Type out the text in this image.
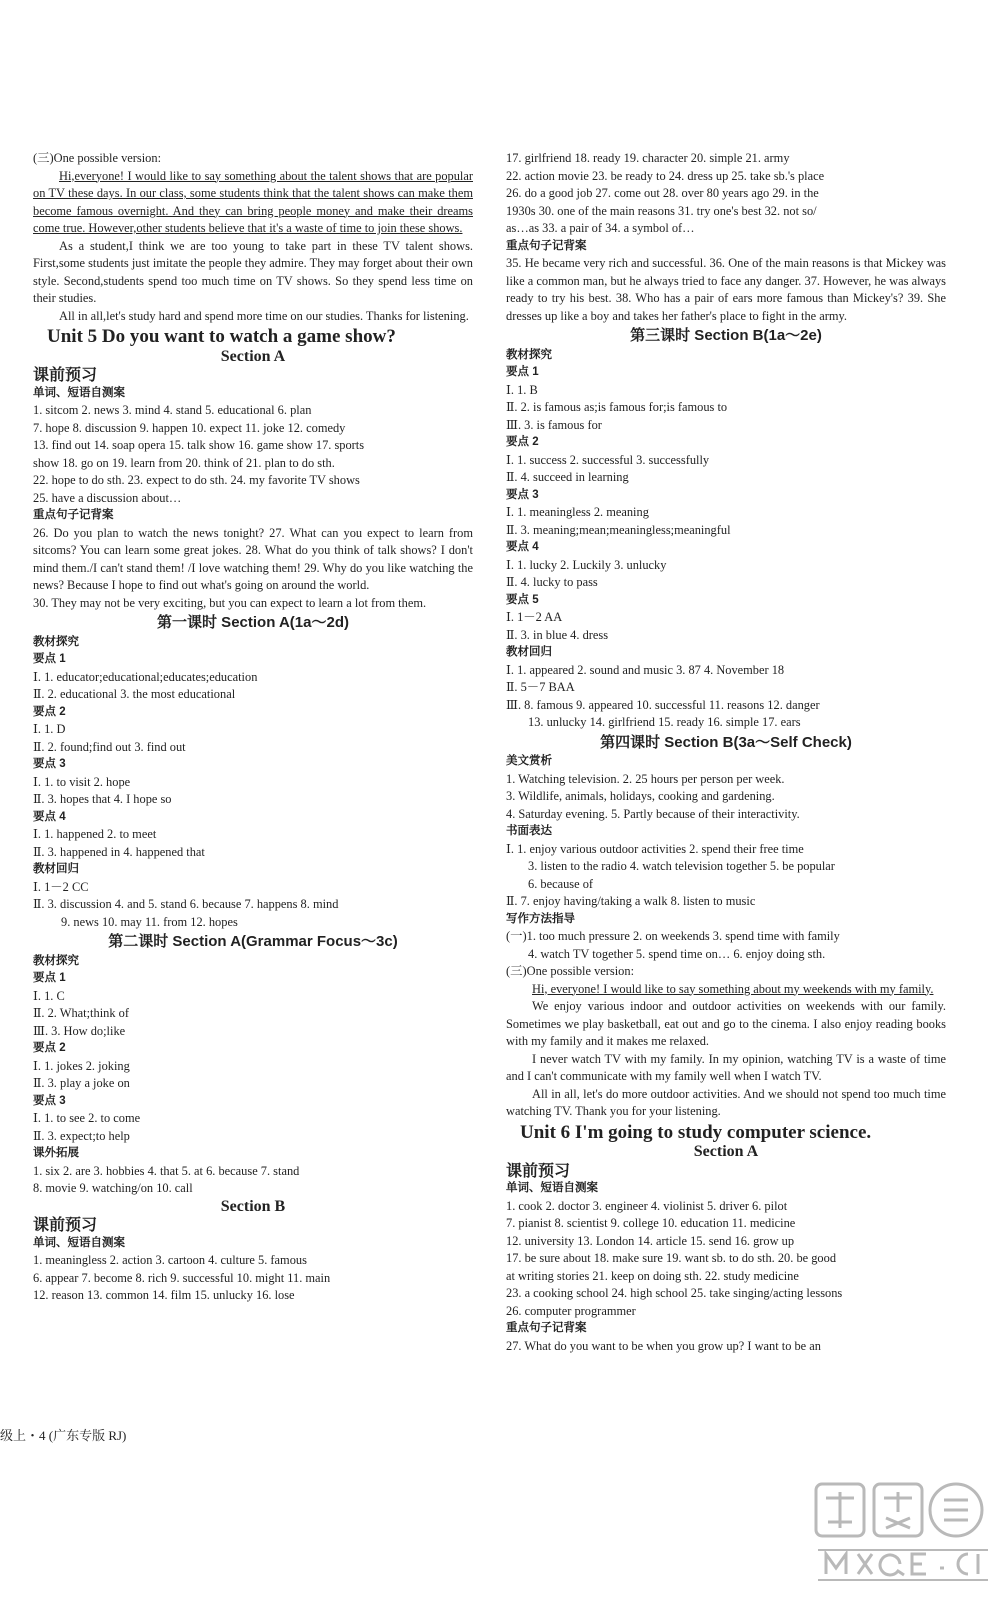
(三)One possible version:
Hi,everyone! I would like to say something about the talent shows that are popular on TV these days. In our class, some students think that the talent shows can make them become famous overnight. And they can bring people money and make their dreams come true. However,other students believe that it's a waste of time to join these shows.
As a student,I think we are too young to take part in these TV talent shows. First,some students just imitate the people they admire. They may forget about their own style. Second,students spend too much time on TV shows. So they spend less time on their studies.
All in all,let's study hard and spend more time on our studies. Thanks for listening.
Unit 5 Do you want to watch a game show?
Section A
课前预习
单词、短语自测案
1. sitcom 2. news 3. mind 4. stand 5. educational 6. plan
7. hope 8. discussion 9. happen 10. expect 11. joke 12. comedy
13. find out 14. soap opera 15. talk show 16. game show 17. sports
show 18. go on 19. learn from 20. think of 21. plan to do sth.
22. hope to do sth. 23. expect to do sth. 24. my favorite TV shows
25. have a discussion about…
重点句子记背案
26. Do you plan to watch the news tonight? 27. What can you expect to learn from sitcoms? You can learn some great jokes. 28. What do you think of talk shows? I don't mind them./I can't stand them! /I love watching them! 29. Why do you like watching the news? Because I hope to find out what's going on around the world.
30. They may not be very exciting, but you can expect to learn a lot from them.
第一课时 Section A(1a～2d)
教材探究
要点 1
Ⅰ. 1. educator;educational;educates;education
Ⅱ. 2. educational 3. the most educational
要点 2
Ⅰ. 1. D
Ⅱ. 2. found;find out 3. find out
要点 3
Ⅰ. 1. to visit 2. hope
Ⅱ. 3. hopes that 4. I hope so
要点 4
Ⅰ. 1. happened 2. to meet
Ⅱ. 3. happened in 4. happened that
教材回归
Ⅰ. 1－2 CC
Ⅱ. 3. discussion 4. and 5. stand 6. because 7. happens 8. mind
9. news 10. may 11. from 12. hopes
第二课时 Section A(Grammar Focus～3c)
教材探究
要点 1
Ⅰ. 1. C
Ⅱ. 2. What;think of
Ⅲ. 3. How do;like
要点 2
Ⅰ. 1. jokes 2. joking
Ⅱ. 3. play a joke on
要点 3
Ⅰ. 1. to see 2. to come
Ⅱ. 3. expect;to help
课外拓展
1. six 2. are 3. hobbies 4. that 5. at 6. because 7. stand
8. movie 9. watching/on 10. call
Section B
课前预习
单词、短语自测案
1. meaningless 2. action 3. cartoon 4. culture 5. famous
6. appear 7. become 8. rich 9. successful 10. might 11. main
12. reason 13. common 14. film 15. unlucky 16. lose
17. girlfriend 18. ready 19. character 20. simple 21. army
22. action movie 23. be ready to 24. dress up 25. take sb.'s place
26. do a good job 27. come out 28. over 80 years ago 29. in the
1930s 30. one of the main reasons 31. try one's best 32. not so/
as…as 33. a pair of 34. a symbol of…
重点句子记背案
35. He became very rich and successful. 36. One of the main reasons is that Mickey was like a common man, but he always tried to face any danger. 37. However, he was always ready to try his best. 38. Who has a pair of ears more famous than Mickey's? 39. She dresses up like a boy and takes her father's place to fight in the army.
第三课时 Section B(1a～2e)
教材探究
要点 1
Ⅰ. 1. B
Ⅱ. 2. is famous as;is famous for;is famous to
Ⅲ. 3. is famous for
要点 2
Ⅰ. 1. success 2. successful 3. successfully
Ⅱ. 4. succeed in learning
要点 3
Ⅰ. 1. meaningless 2. meaning
Ⅱ. 3. meaning;mean;meaningless;meaningful
要点 4
Ⅰ. 1. lucky 2. Luckily 3. unlucky
Ⅱ. 4. lucky to pass
要点 5
Ⅰ. 1－2 AA
Ⅱ. 3. in blue 4. dress
教材回归
Ⅰ. 1. appeared 2. sound and music 3. 87 4. November 18
Ⅱ. 5－7 BAA
Ⅲ. 8. famous 9. appeared 10. successful 11. reasons 12. danger
13. unlucky 14. girlfriend 15. ready 16. simple 17. ears
第四课时 Section B(3a～Self Check)
美文赏析
1. Watching television. 2. 25 hours per person per week.
3. Wildlife, animals, holidays, cooking and gardening.
4. Saturday evening. 5. Partly because of their interactivity.
书面表达
Ⅰ. 1. enjoy various outdoor activities 2. spend their free time
3. listen to the radio 4. watch television together 5. be popular
6. because of
Ⅱ. 7. enjoy having/taking a walk 8. listen to music
写作方法指导
(一)1. too much pressure 2. on weekends 3. spend time with family
4. watch TV together 5. spend time on… 6. enjoy doing sth.
(三)One possible version:
Hi, everyone! I would like to say something about my weekends with my family.
We enjoy various indoor and outdoor activities on weekends with our family. Sometimes we play basketball, eat out and go to the cinema. I also enjoy reading books with my family and it makes me relaxed.
I never watch TV with my family. In my opinion, watching TV is a waste of time and I can't communicate with my family well when I watch TV.
All in all, let's do more outdoor activities. And we should not spend too much time watching TV. Thank you for your listening.
Unit 6 I'm going to study computer science.
Section A
课前预习
单词、短语自测案
1. cook 2. doctor 3. engineer 4. violinist 5. driver 6. pilot
7. pianist 8. scientist 9. college 10. education 11. medicine
12. university 13. London 14. article 15. send 16. grow up
17. be sure about 18. make sure 19. want sb. to do sth. 20. be good
at writing stories 21. keep on doing sth. 22. study medicine
23. a cooking school 24. high school 25. take singing/acting lessons
26. computer programmer
重点句子记背案
27. What do you want to be when you grow up? I want to be an
级上・4 (广东专版 RJ)
